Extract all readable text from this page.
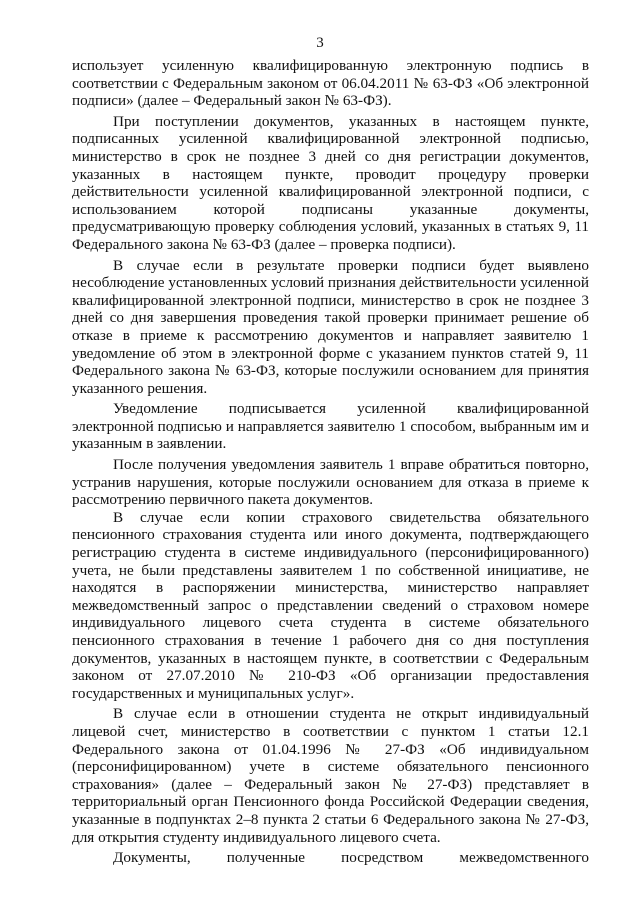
3

использует усиленную квалифицированную электронную подпись в соответствии с Федеральным законом от 06.04.2011 № 63-ФЗ «Об электронной подписи» (далее – Федеральный закон № 63-ФЗ).

При поступлении документов, указанных в настоящем пункте, подписанных усиленной квалифицированной электронной подписью, министерство в срок не позднее 3 дней со дня регистрации документов, указанных в настоящем пункте, проводит процедуру проверки действительности усиленной квалифицированной электронной подписи, с использованием которой подписаны указанные документы, предусматривающую проверку соблюдения условий, указанных в статьях 9, 11 Федерального закона № 63-ФЗ (далее – проверка подписи).

В случае если в результате проверки подписи будет выявлено несоблюдение установленных условий признания действительности усиленной квалифицированной электронной подписи, министерство в срок не позднее 3 дней со дня завершения проведения такой проверки принимает решение об отказе в приеме к рассмотрению документов и направляет заявителю 1 уведомление об этом в электронной форме с указанием пунктов статей 9, 11 Федерального закона № 63-ФЗ, которые послужили основанием для принятия указанного решения.

Уведомление подписывается усиленной квалифицированной электронной подписью и направляется заявителю 1 способом, выбранным им и указанным в заявлении.

После получения уведомления заявитель 1 вправе обратиться повторно, устранив нарушения, которые послужили основанием для отказа в приеме к рассмотрению первичного пакета документов.

В случае если копии страхового свидетельства обязательного пенсионного страхования студента или иного документа, подтверждающего регистрацию студента в системе индивидуального (персонифицированного) учета, не были представлены заявителем 1 по собственной инициативе, не находятся в распоряжении министерства, министерство направляет межведомственный запрос о представлении сведений о страховом номере индивидуального лицевого счета студента в системе обязательного пенсионного страхования в течение 1 рабочего дня со дня поступления документов, указанных в настоящем пункте, в соответствии с Федеральным законом от 27.07.2010 № 210-ФЗ «Об организации предоставления государственных и муниципальных услуг».

В случае если в отношении студента не открыт индивидуальный лицевой счет, министерство в соответствии с пунктом 1 статьи 12.1 Федерального закона от 01.04.1996 № 27-ФЗ «Об индивидуальном (персонифицированном) учете в системе обязательного пенсионного страхования» (далее – Федеральный закон № 27-ФЗ) представляет в территориальный орган Пенсионного фонда Российской Федерации сведения, указанные в подпунктах 2–8 пункта 2 статьи 6 Федерального закона № 27-ФЗ, для открытия студенту индивидуального лицевого счета.

Документы, полученные посредством межведомственного
